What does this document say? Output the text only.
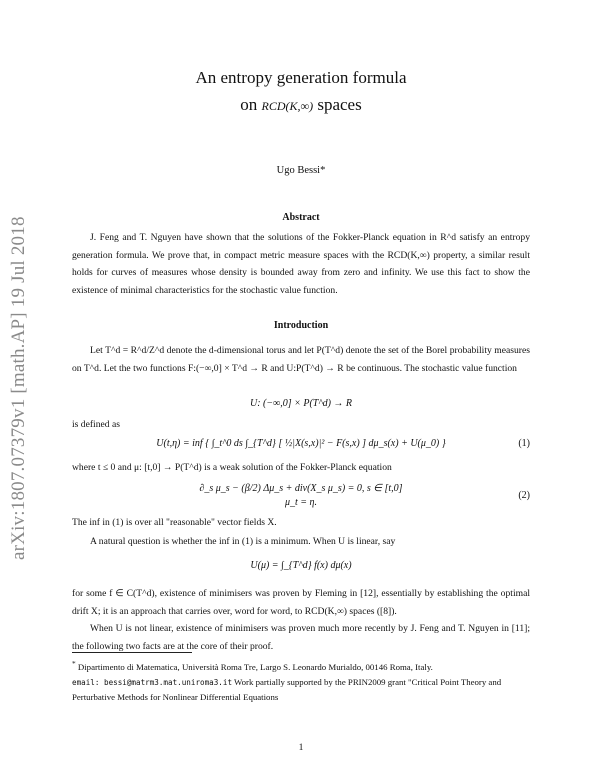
arXiv:1807.07379v1 [math.AP] 19 Jul 2018
An entropy generation formula
on RCD(K,∞) spaces
Ugo Bessi*
Abstract
J. Feng and T. Nguyen have shown that the solutions of the Fokker-Planck equation in R^d satisfy an entropy generation formula. We prove that, in compact metric measure spaces with the RCD(K,∞) property, a similar result holds for curves of measures whose density is bounded away from zero and infinity. We use this fact to show the existence of minimal characteristics for the stochastic value function.
Introduction
Let T^d = R^d/Z^d denote the d-dimensional torus and let P(T^d) denote the set of the Borel probability measures on T^d. Let the two functions F:(−∞,0] × T^d → R and U:P(T^d) → R be continuous. The stochastic value function
U: (−∞,0] × P(T^d) → R
is defined as
U(t,η) = inf { ∫_t^0 ds ∫_{T^d} [ ½|X(s,x)|² − F(s,x) ] dμ_s(x) + U(μ_0) }	(1)
where t ≤ 0 and μ: [t,0] → P(T^d) is a weak solution of the Fokker-Planck equation
∂_s μ_s − (β/2) Δμ_s + div(X_s μ_s) = 0, s ∈ [t,0]
μ_t = η.
(2)
The inf in (1) is over all "reasonable" vector fields X.
A natural question is whether the inf in (1) is a minimum. When U is linear, say
U(μ) = ∫_{T^d} f(x) dμ(x)
for some f ∈ C(T^d), existence of minimisers was proven by Fleming in [12], essentially by establishing the optimal drift X; it is an approach that carries over, word for word, to RCD(K,∞) spaces ([8]).
When U is not linear, existence of minimisers was proven much more recently by J. Feng and T. Nguyen in [11]; the following two facts are at the core of their proof.
* Dipartimento di Matematica, Università Roma Tre, Largo S. Leonardo Murialdo, 00146 Roma, Italy.
email: bessi@matrm3.mat.uniroma3.it Work partially supported by the PRIN2009 grant "Critical Point Theory and Perturbative Methods for Nonlinear Differential Equations
1
